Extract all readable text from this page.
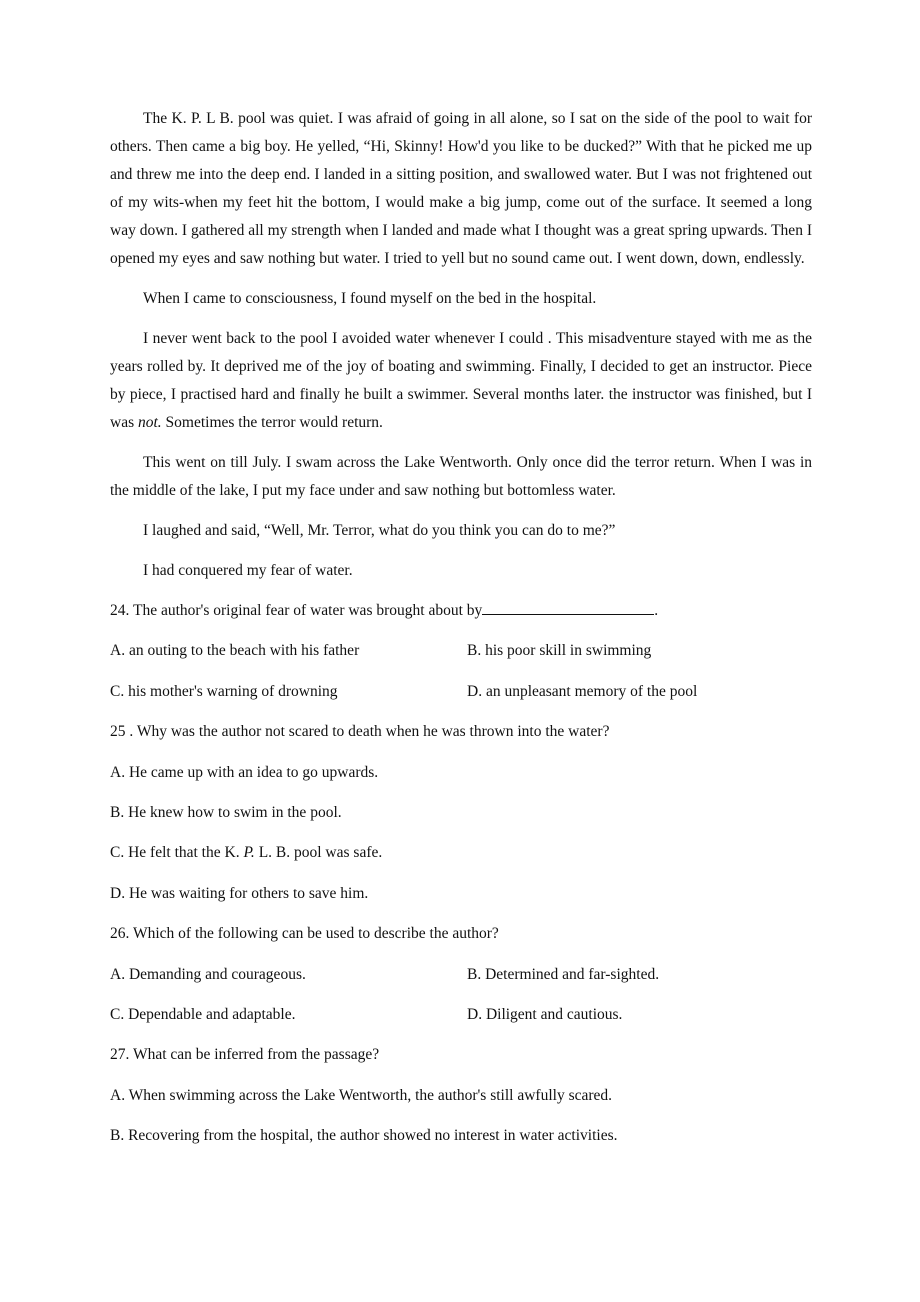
The K. P. L B. pool was quiet. I was afraid of going in all alone, so I sat on the side of the pool to wait for others. Then came a big boy. He yelled, “Hi, Skinny! How'd you like to be ducked?” With that he picked me up and threw me into the deep end. I landed in a sitting position, and swallowed water. But I was not frightened out of my wits-when my feet hit the bottom, I would make a big jump, come out of the surface. It seemed a long way down. I gathered all my strength when I landed and made what I thought was a great spring upwards. Then I opened my eyes and saw nothing but water. I tried to yell but no sound came out. I went down, down, endlessly.

When I came to consciousness, I found myself on the bed in the hospital.

I never went back to the pool I avoided water whenever I could . This misadventure stayed with me as the years rolled by. It deprived me of the joy of boating and swimming. Finally, I decided to get an instructor. Piece by piece, I practised hard and finally he built a swimmer. Several months later. the instructor was finished, but I was not. Sometimes the terror would return.

This went on till July. I swam across the Lake Wentworth. Only once did the terror return. When I was in the middle of the lake, I put my face under and saw nothing but bottomless water.

I laughed and said, “Well, Mr. Terror, what do you think you can do to me?”

I had conquered my fear of water.

24. The author's original fear of water was brought about by	.
A. an outing to the beach with his father	B. his poor skill in swimming
C. his mother's warning of drowning	D. an unpleasant memory of the pool
25 . Why was the author not scared to death when he was thrown into the water?
A. He came up with an idea to go upwards.
B. He knew how to swim in the pool.
C. He felt that the K. P. L. B. pool was safe.
D. He was waiting for others to save him.
26. Which of the following can be used to describe the author?
A. Demanding and courageous.	B. Determined and far-sighted.
C. Dependable and adaptable.	D. Diligent and cautious.
27. What can be inferred from the passage?
A. When swimming across the Lake Wentworth, the author's still awfully scared.
B. Recovering from the hospital, the author showed no interest in water activities.
